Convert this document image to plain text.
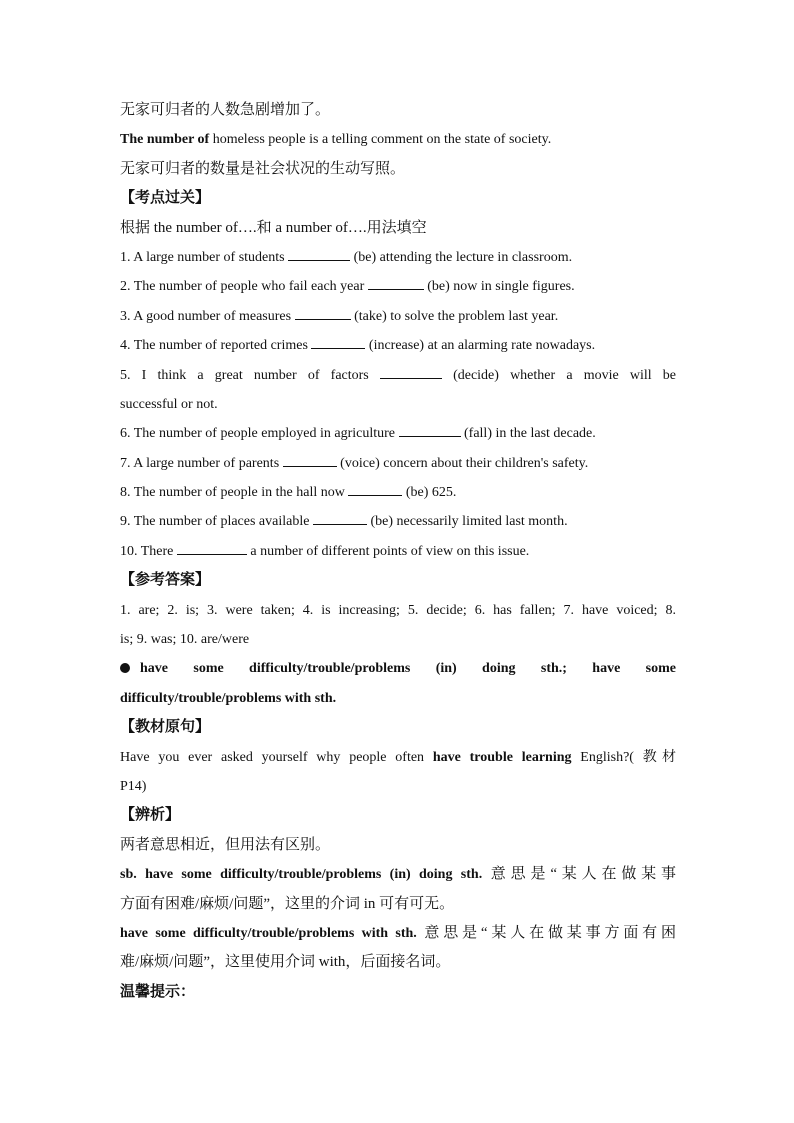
无家可归者的人数急剧增加了。
The number of homeless people is a telling comment on the state of society.
无家可归者的数量是社会状况的生动写照。
【考点过关】
根据 the number of….和 a number of….用法填空
1. A large number of students	(be) attending the lecture in classroom.
2. The number of people who fail each year	(be) now in single figures.
3. A good number of measures	(take) to solve the problem last year.
4. The number of reported crimes	(increase) at an alarming rate nowadays.
5. I think a great number of factors	(decide) whether a movie will be
successful or not.
6. The number of people employed in agriculture	(fall) in the last decade.
7. A large number of parents	(voice) concern about their children's safety.
8. The number of people in the hall now	(be) 625.
9. The number of places available	(be) necessarily limited last month.
10. There	a number of different points of view on this issue.
【参考答案】
1. are; 2. is; 3. were taken; 4. is increasing; 5. decide; 6. has fallen; 7. have voiced; 8.
is; 9. was; 10. are/were
have some difficulty/trouble/problems (in) doing sth.; have some
difficulty/trouble/problems with sth.
【教材原句】
Have you ever asked yourself why people often have trouble learning English?( 教材
P14)
【辨析】
两者意思相近，但用法有区别。
sb. have some difficulty/trouble/problems (in) doing sth. 意思是“某人在做某事
方面有困难/麻烦/问题”，这里的介词 in 可有可无。
have some difficulty/trouble/problems with sth. 意思是“某人在做某事方面有困
难/麻烦/问题”，这里使用介词 with，后面接名词。
温馨提示：
